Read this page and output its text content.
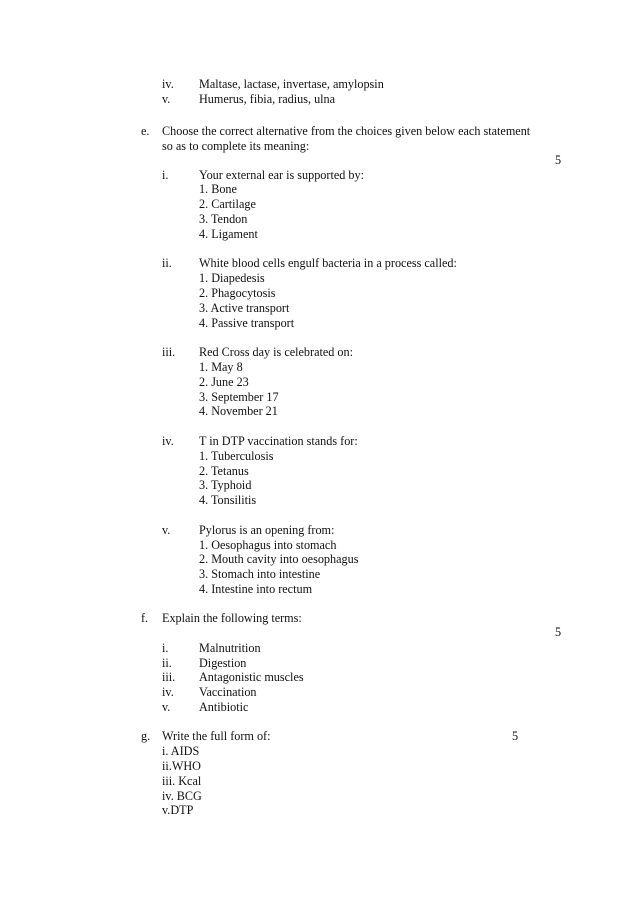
iv. Maltase, lactase, invertase, amylopsin
v. Humerus, fibia, radius, ulna
e. Choose the correct alternative from the choices given below each statement
so as to complete its meaning:
5
i.	Your external ear is supported by:
1. Bone
2. Cartilage
3. Tendon
4. Ligament
ii. White blood cells engulf bacteria in a process called:
1. Diapedesis
2. Phagocytosis
3. Active transport
4. Passive transport
iii. Red Cross day is celebrated on:
1. May 8
2. June 23
3. September 17
4. November 21
iv. T in DTP vaccination stands for:
1. Tuberculosis
2. Tetanus
3. Typhoid
4. Tonsilitis
v. Pylorus is an opening from:
1. Oesophagus into stomach
2. Mouth cavity into oesophagus
3. Stomach into intestine
4. Intestine into rectum
f. Explain the following terms:
5
i.	Malnutrition
ii. Digestion
iii. Antagonistic muscles
iv. Vaccination
v. Antibiotic
g. Write the full form of:	5
i. AIDS
ii.WHO
iii. Kcal
iv. BCG
v.DTP
